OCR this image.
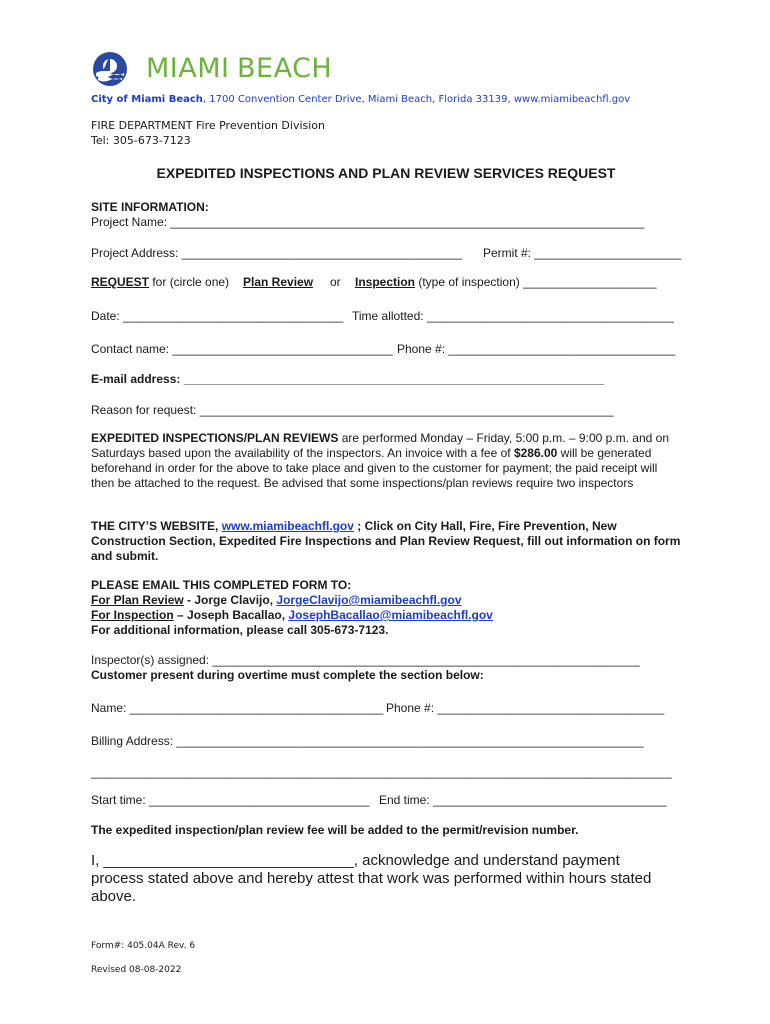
MIAMI BEACH
City of Miami Beach, 1700 Convention Center Drive, Miami Beach, Florida 33139, www.miamibeachfl.gov
FIRE DEPARTMENT Fire Prevention Division
Tel: 305-673-7123
EXPEDITED INSPECTIONS AND PLAN REVIEW SERVICES REQUEST
SITE INFORMATION:
Project Name: _______________________________________________________________________
Project Address: __________________________________________ Permit #: ______________________
REQUEST for (circle one) Plan Review or Inspection (type of inspection) ____________________
Date: _________________________________ Time allotted: _____________________________________
Contact name: _________________________________ Phone #: __________________________________
E-mail address: _______________________________________________________________
Reason for request: ______________________________________________________________
EXPEDITED INSPECTIONS/PLAN REVIEWS are performed Monday – Friday, 5:00 p.m. – 9:00 p.m. and on Saturdays based upon the availability of the inspectors. An invoice with a fee of $286.00 will be generated beforehand in order for the above to take place and given to the customer for payment; the paid receipt will then be attached to the request. Be advised that some inspections/plan reviews require two inspectors
THE CITY’S WEBSITE, www.miamibeachfl.gov ; Click on City Hall, Fire, Fire Prevention, New Construction Section, Expedited Fire Inspections and Plan Review Request, fill out information on form and submit.
PLEASE EMAIL THIS COMPLETED FORM TO:
For Plan Review - Jorge Clavijo, JorgeClavijo@miamibeachfl.gov
For Inspection – Joseph Bacallao, JosephBacallao@miamibeachfl.gov
For additional information, please call 305-673-7123.
Inspector(s) assigned: ________________________________________________________________
Customer present during overtime must complete the section below:
Name: ______________________________________ Phone #: __________________________________
Billing Address: ______________________________________________________________________
_______________________________________________________________________________________
Start time: _________________________________ End time: ___________________________________
The expedited inspection/plan review fee will be added to the permit/revision number.
I, ______________________________, acknowledge and understand payment
process stated above and hereby attest that work was performed within hours stated
above.
Form#: 405.04A Rev. 6
Revised 08-08-2022
